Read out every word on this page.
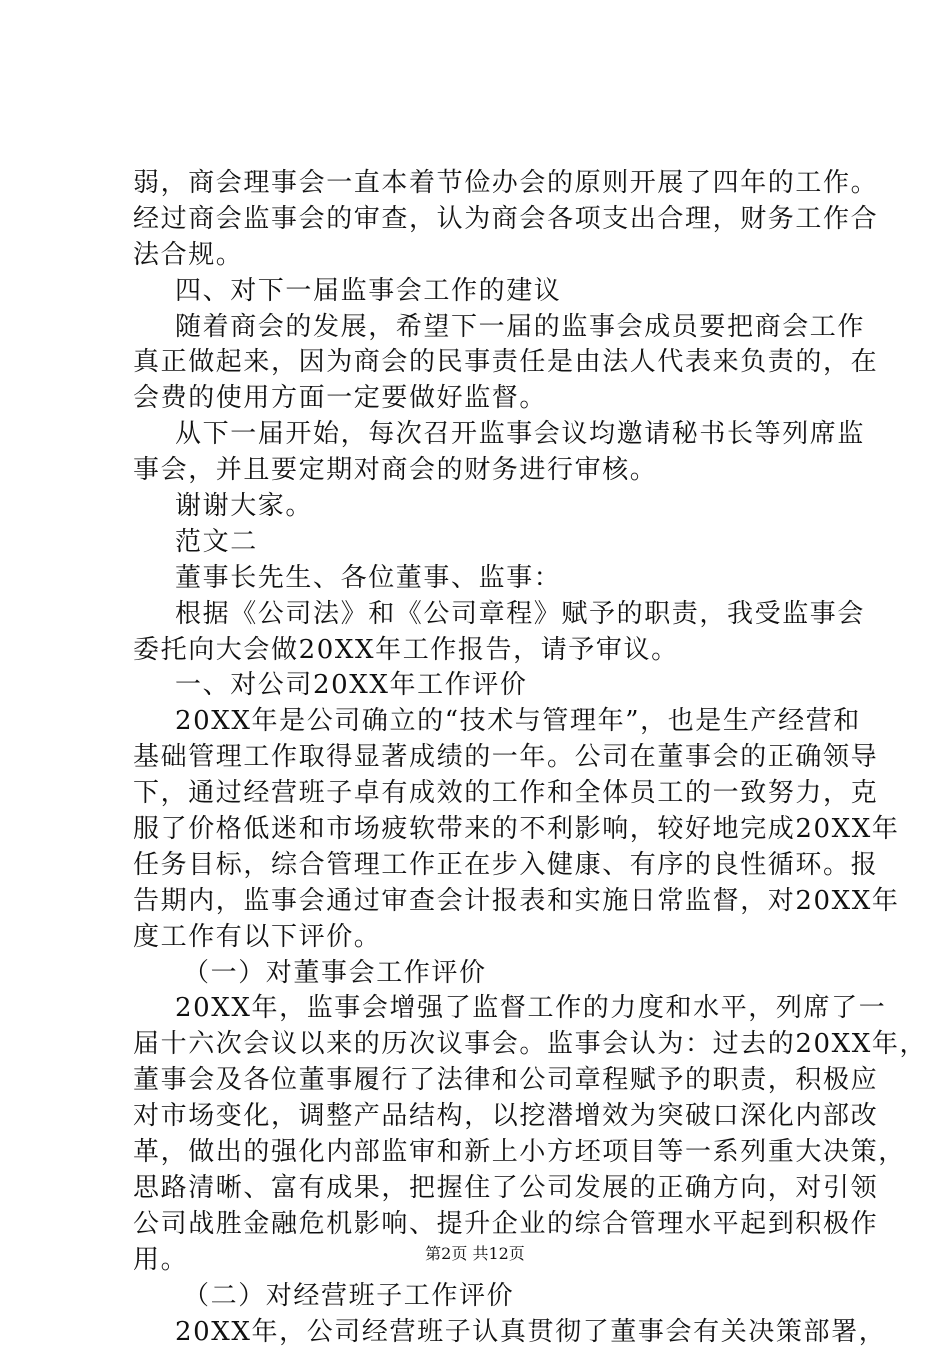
弱，商会理事会一直本着节俭办会的原则开展了四年的工作。
经过商会监事会的审查，认为商会各项支出合理，财务工作合
法合规。
四、对下一届监事会工作的建议
随着商会的发展，希望下一届的监事会成员要把商会工作
真正做起来，因为商会的民事责任是由法人代表来负责的，在
会费的使用方面一定要做好监督。
从下一届开始，每次召开监事会议均邀请秘书长等列席监
事会，并且要定期对商会的财务进行审核。
谢谢大家。
范文二
董事长先生、各位董事、监事：
根据《公司法》和《公司章程》赋予的职责，我受监事会
委托向大会做20XX年工作报告，请予审议。
一、对公司20XX年工作评价
20XX年是公司确立的“技术与管理年”，也是生产经营和
基础管理工作取得显著成绩的一年。公司在董事会的正确领导
下，通过经营班子卓有成效的工作和全体员工的一致努力，克
服了价格低迷和市场疲软带来的不利影响，较好地完成20XX年
任务目标，综合管理工作正在步入健康、有序的良性循环。报
告期内，监事会通过审查会计报表和实施日常监督，对20XX年
度工作有以下评价。
（一）对董事会工作评价
20XX年，监事会增强了监督工作的力度和水平，列席了一
届十六次会议以来的历次议事会。监事会认为：过去的20XX年，
董事会及各位董事履行了法律和公司章程赋予的职责，积极应
对市场变化，调整产品结构，以挖潜增效为突破口深化内部改
革，做出的强化内部监审和新上小方坯项目等一系列重大决策，
思路清晰、富有成果，把握住了公司发展的正确方向，对引领
公司战胜金融危机影响、提升企业的综合管理水平起到积极作
用。
（二）对经营班子工作评价
20XX年，公司经营班子认真贯彻了董事会有关决策部署，
第2页 共12页
